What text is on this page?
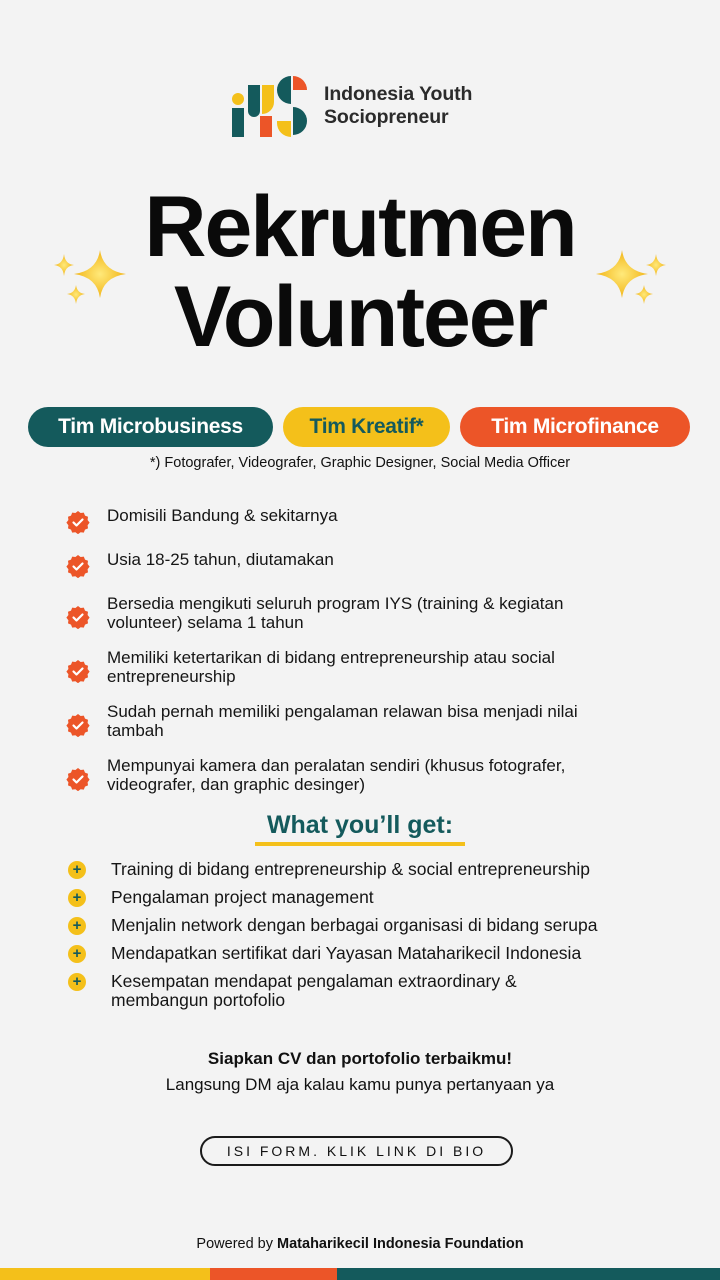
Indonesia Youth
Sociopreneur
Rekrutmen
Volunteer
Tim Microbusiness	Tim Kreatif*	Tim Microfinance
*) Fotografer, Videografer, Graphic Designer, Social Media Officer
Domisili Bandung & sekitarnya
Usia 18-25 tahun, diutamakan
Bersedia mengikuti seluruh program IYS (training & kegiatan
volunteer) selama 1 tahun
Memiliki ketertarikan di bidang entrepreneurship atau social
entrepreneurship
Sudah pernah memiliki pengalaman relawan bisa menjadi nilai
tambah
Mempunyai kamera dan peralatan sendiri (khusus fotografer,
videografer, dan graphic desinger)
What you’ll get:
+ Training di bidang entrepreneurship & social entrepreneurship
+ Pengalaman project management
+ Menjalin network dengan berbagai organisasi di bidang serupa
+ Mendapatkan sertifikat dari Yayasan Mataharikecil Indonesia
+ Kesempatan mendapat pengalaman extraordinary &
membangun portofolio
Siapkan CV dan portofolio terbaikmu!
Langsung DM aja kalau kamu punya pertanyaan ya
ISI FORM. KLIK LINK DI BIO
Powered by Mataharikecil Indonesia Foundation
